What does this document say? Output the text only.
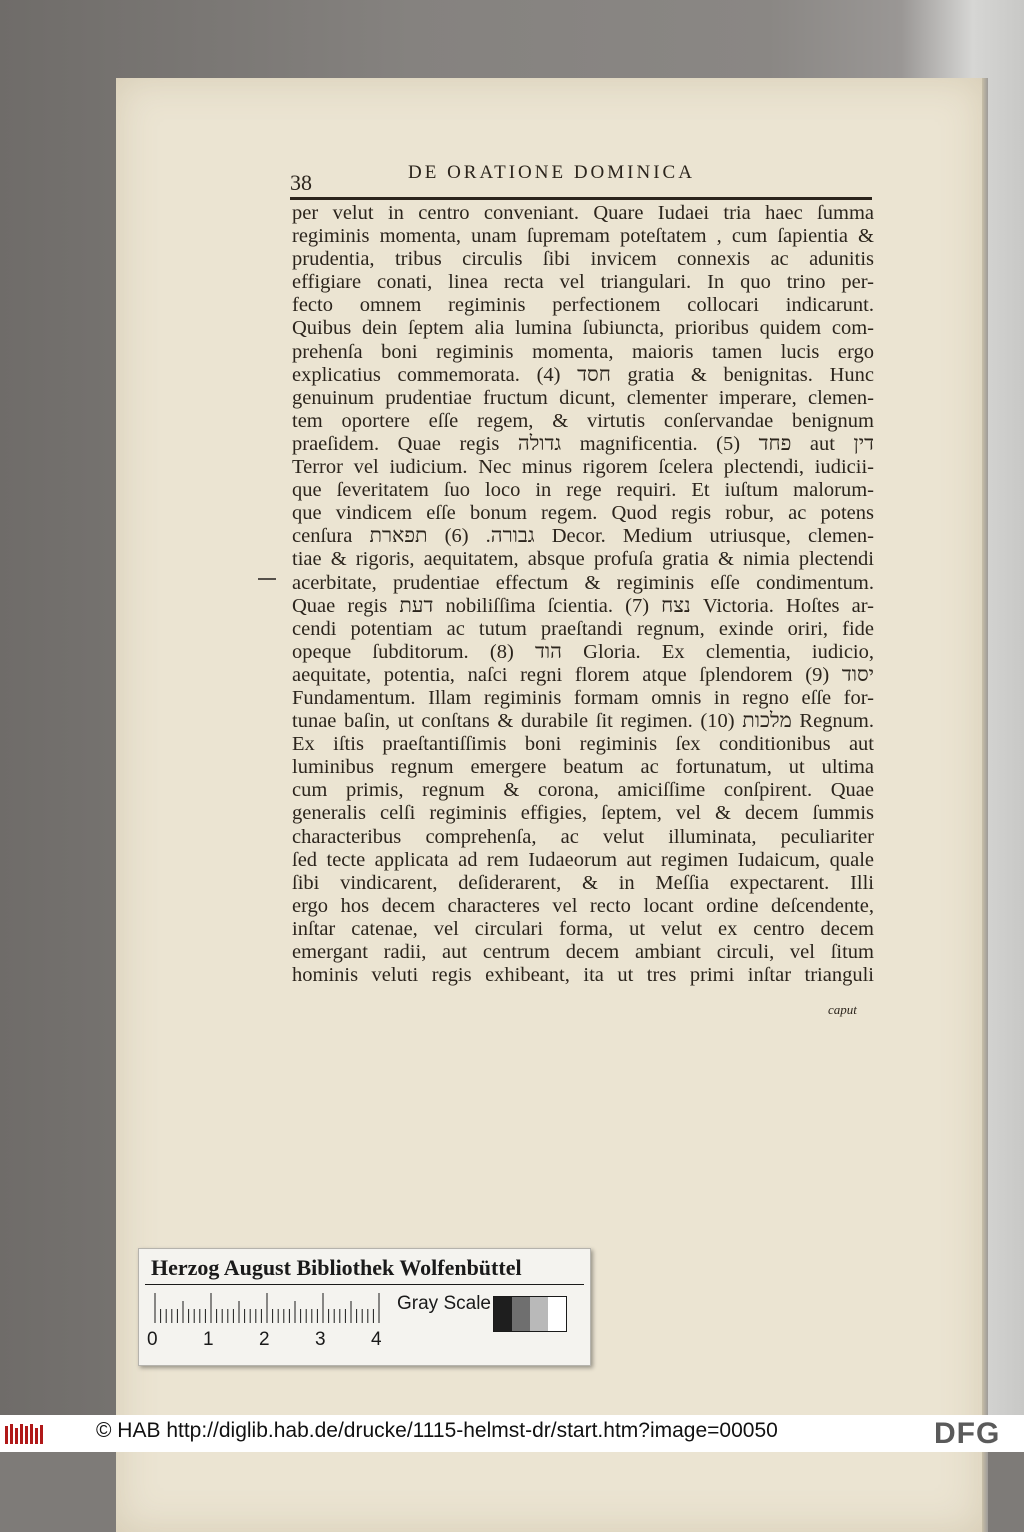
38	DE ORATIONE DOMINICA
per velut in centro conveniant. Quare Iudaei tria haec ſumma
regiminis momenta, unam ſupremam poteſtatem , cum ſapientia &
prudentia, tribus circulis ſibi invicem connexis ac adunitis
effigiare conati, linea recta vel triangulari. In quo trino per-
fecto omnem regiminis perfectionem collocari indicarunt.
Quibus dein ſeptem alia lumina ſubiuncta, prioribus quidem com-
prehenſa boni regiminis momenta, maioris tamen lucis ergo
explicatius commemorata. (4) חסד gratia & benignitas. Hunc
genuinum prudentiae fructum dicunt, clementer imperare, clemen-
tem oportere eſſe regem, & virtutis conſervandae benignum
praeſidem. Quae regis גדולה magnificentia. (5) פחד aut דין
Terror vel iudicium. Nec minus rigorem ſcelera plectendi, iudicii-
que ſeveritatem ſuo loco in rege requiri. Et iuſtum malorum-
que vindicem eſſe bonum regem. Quod regis robur, ac potens
cenſura גבורה. (6) תפארת Decor. Medium utriusque, clemen-
tiae & rigoris, aequitatem, absque profuſa gratia & nimia plectendi
acerbitate, prudentiae effectum & regiminis eſſe condimentum.
Quae regis דעת nobiliſſima ſcientia. (7) נצח Victoria. Hoſtes ar-
cendi potentiam ac tutum praeſtandi regnum, exinde oriri, fide
opeque ſubditorum. (8) הוד Gloria. Ex clementia, iudicio,
aequitate, potentia, naſci regni florem atque ſplendorem (9) יסוד
Fundamentum. Illam regiminis formam omnis in regno eſſe for-
tunae baſin, ut conſtans & durabile ſit regimen. (10) מלכות Regnum.
Ex iſtis praeſtantiſſimis boni regiminis ſex conditionibus aut
luminibus regnum emergere beatum ac fortunatum, ut ultima
cum primis, regnum & corona, amiciſſime conſpirent. Quae
generalis celſi regiminis effigies, ſeptem, vel & decem ſummis
characteribus comprehenſa, ac velut illuminata, peculiariter
ſed tecte applicata ad rem Iudaeorum aut regimen Iudaicum, quale
ſibi vindicarent, deſiderarent, & in Meſſia expectarent. Illi
ergo hos decem characteres vel recto locant ordine deſcendente,
inſtar catenae, vel circulari forma, ut velut ex centro decem
emergant radii, aut centrum decem ambiant circuli, vel ſitum
hominis veluti regis exhibeant, ita ut tres primi inſtar trianguli
caput
Herzog August Bibliothek Wolfenbüttel
0 1 2 3 4
Gray Scale
© HAB http://diglib.hab.de/drucke/1115-helmst-dr/start.htm?image=00050	DFG
